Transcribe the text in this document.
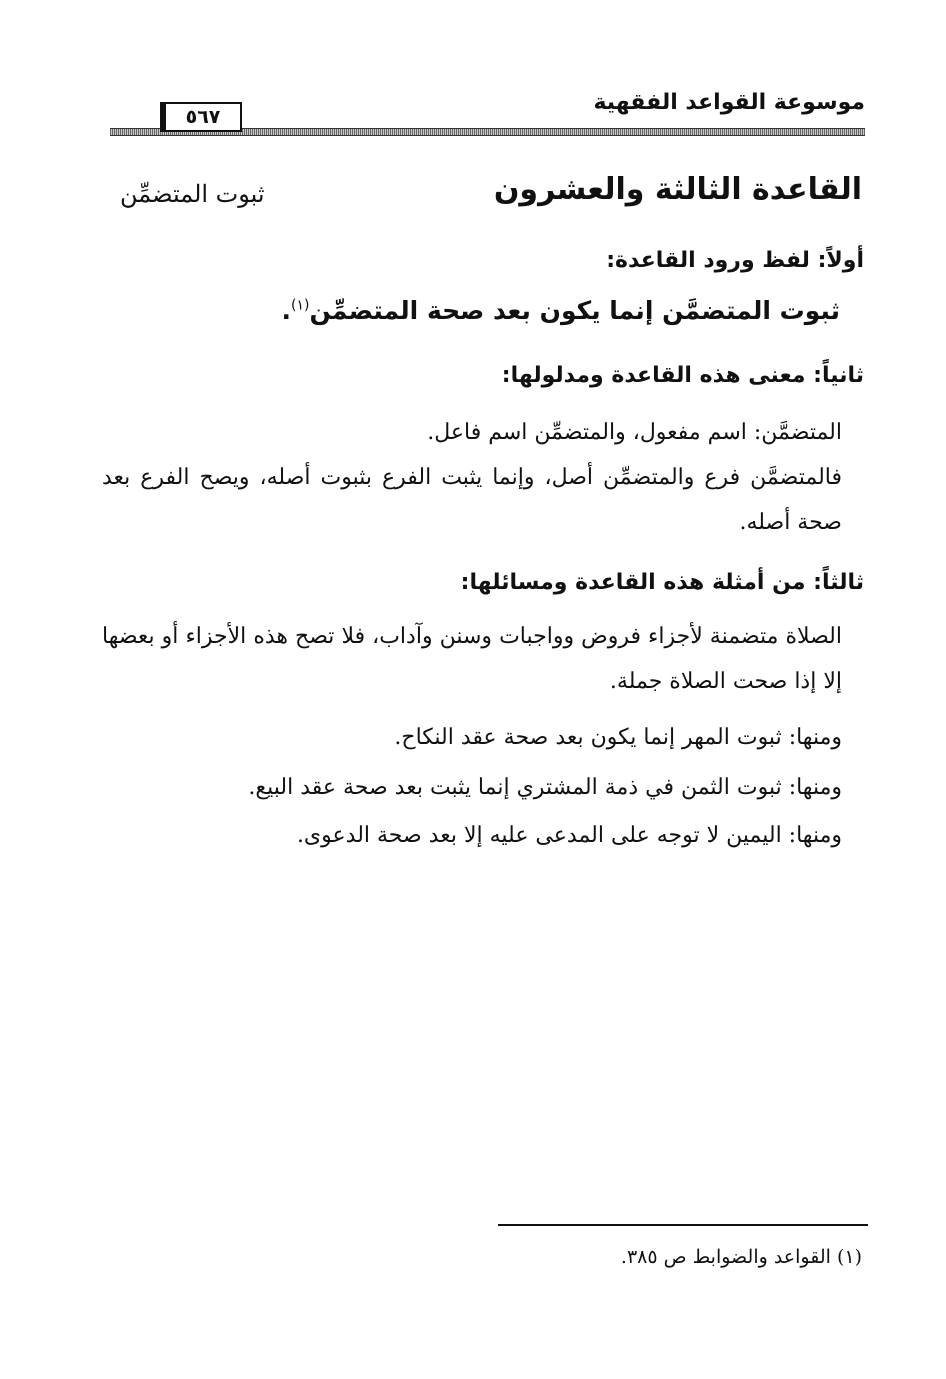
٥٦٧
موسوعة القواعد الفقهية
القاعدة الثالثة والعشرون
ثبوت المتضمِّن
أولاً: لفظ ورود القاعدة:
ثبوت المتضمَّن إنما يكون بعد صحة المتضمِّن$^{(١)}$.
ثانياً: معنى هذه القاعدة ومدلولها:
المتضمَّن: اسم مفعول، والمتضمِّن اسم فاعل.
فالمتضمَّن فرع والمتضمِّن أصل، وإنما يثبت الفرع بثبوت أصله، ويصح الفرع بعد صحة أصله.
ثالثاً: من أمثلة هذه القاعدة ومسائلها:
الصلاة متضمنة لأجزاء فروض وواجبات وسنن وآداب، فلا تصح هذه الأجزاء أو بعضها إلا إذا صحت الصلاة جملة.
ومنها: ثبوت المهر إنما يكون بعد صحة عقد النكاح.
ومنها: ثبوت الثمن في ذمة المشتري إنما يثبت بعد صحة عقد البيع.
ومنها: اليمين لا توجه على المدعى عليه إلا بعد صحة الدعوى.
(١) القواعد والضوابط ص ٣٨٥.
